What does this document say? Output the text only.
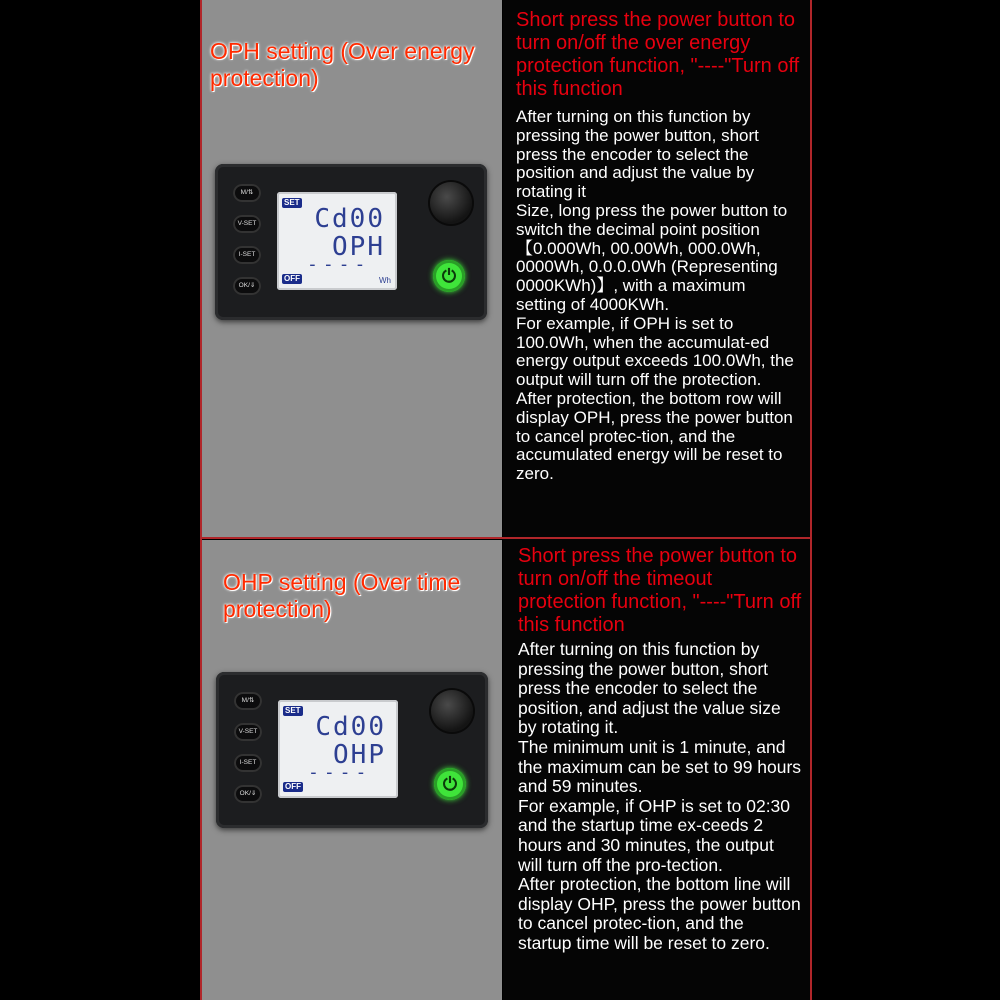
OPH setting (Over energy protection)
Short press the power button to turn on/off the over energy protection function, "----"Turn off this function
After turning on this function by pressing the power button, short press the encoder to select the position and adjust the value by rotating it
Size, long press the power button to switch the decimal point position 【0.000Wh, 00.00Wh, 000.0Wh, 0000Wh, 0.0.0.0Wh (Representing 0000KWh)】, with a maximum setting of 4000KWh.
For example, if OPH is set to 100.0Wh, when the accumulat-ed energy output exceeds 100.0Wh, the output will turn off the protection.
After protection, the bottom row will display OPH, press the power button to cancel protec-tion, and the accumulated energy will be reset to zero.
M/⇅
V-SET
I-SET
OK/⇓
SET
Cd00
OPH
----
OFF	Wh	⏻
OHP setting (Over time protection)
Short press the power button to turn on/off the timeout protection function, "----"Turn off this function
After turning on this function by pressing the power button, short press the encoder to select the position, and adjust the value size by rotating it.
The minimum unit is 1 minute, and the maximum can be set to 99 hours and 59 minutes.
For example, if OHP is set to 02:30 and the startup time ex-ceeds 2 hours and 30 minutes, the output will turn off the pro-tection.
After protection, the bottom line will display OHP, press the power button to cancel protec-tion, and the startup time will be reset to zero.
M/⇅
V-SET
I-SET
OK/⇓
SET
Cd00
OHP
----
OFF	⏻
